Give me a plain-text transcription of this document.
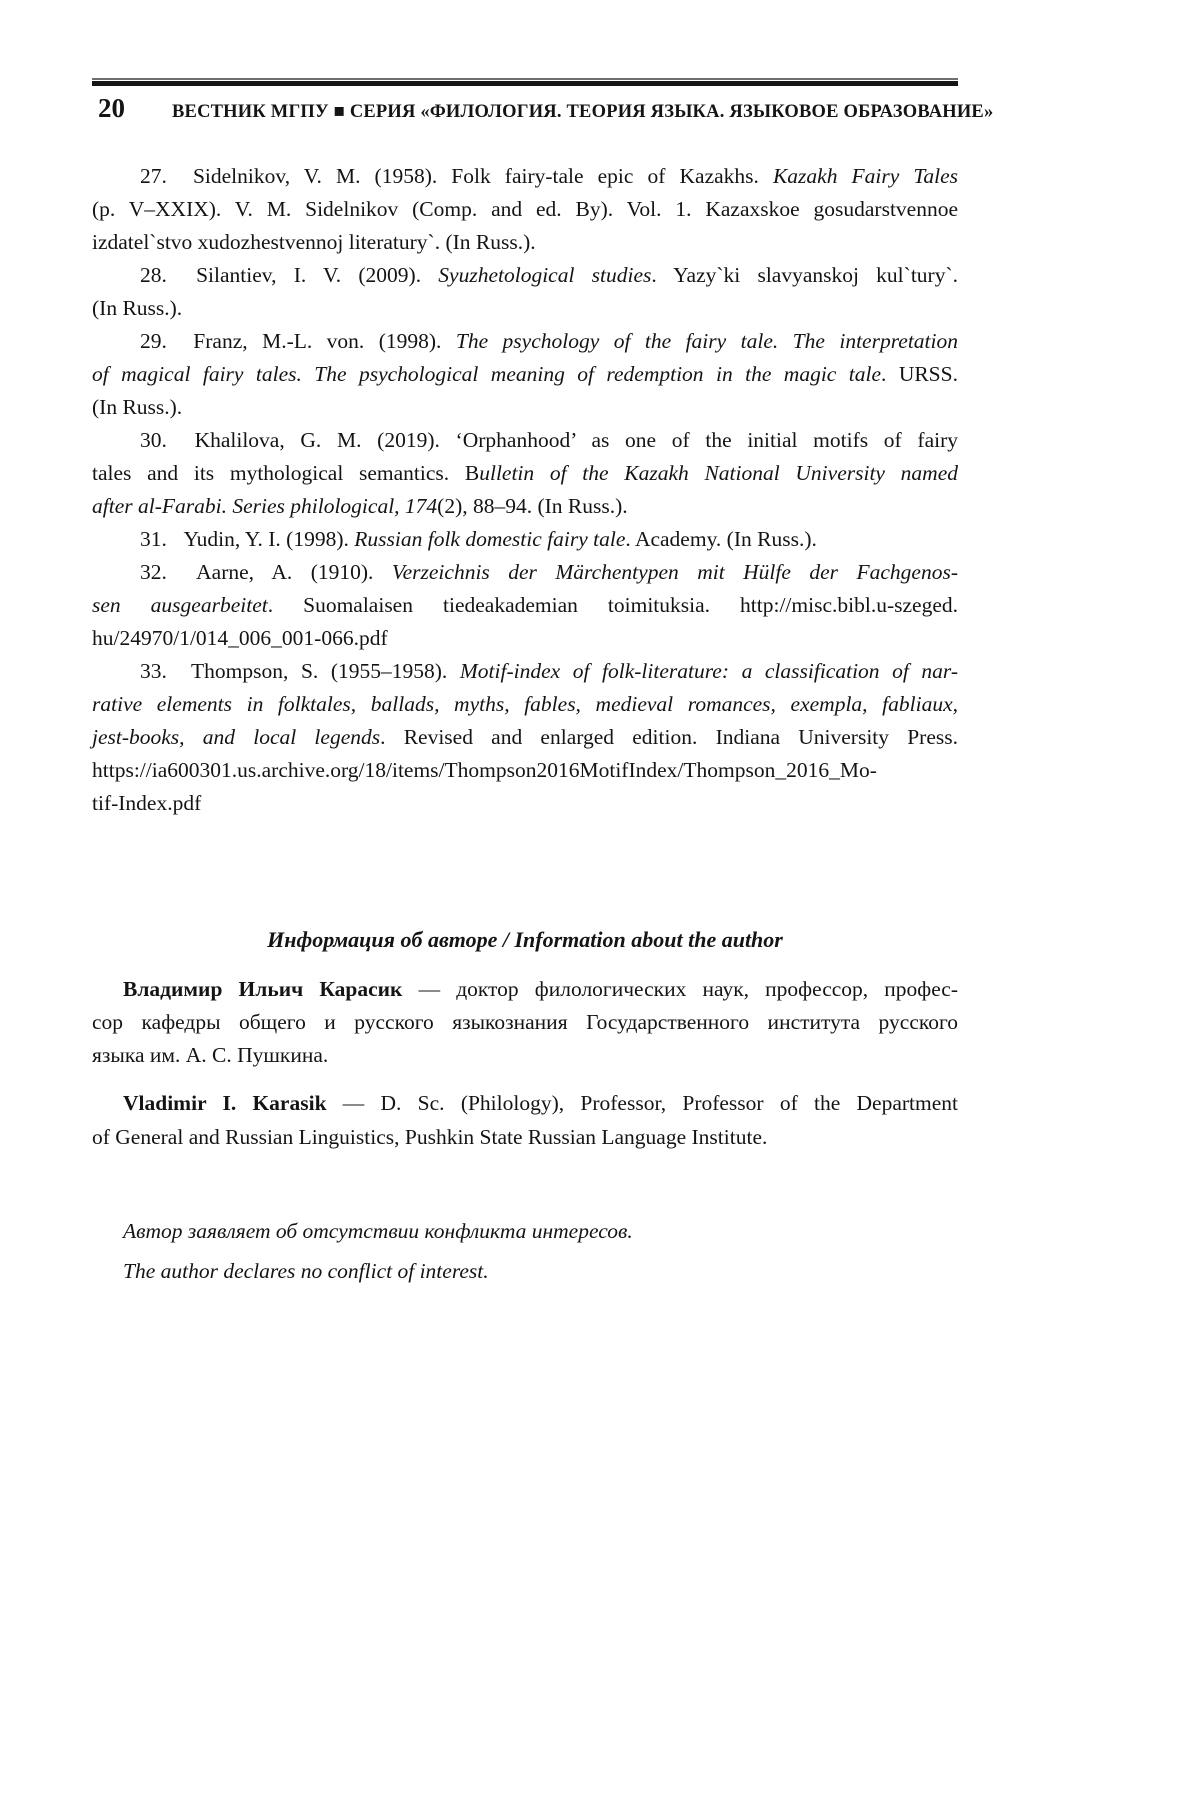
20	ВЕСТНИК МГПУ ■ СЕРИЯ «ФИЛОЛОГИЯ. ТЕОРИЯ ЯЗЫКА. ЯЗЫКОВОЕ ОБРАЗОВАНИЕ»
27. Sidelnikov, V. M. (1958). Folk fairy-tale epic of Kazakhs. Kazakh Fairy Tales
(p. V–XXIX). V. M. Sidelnikov (Comp. and ed. By). Vol. 1. Kazaxskoe gosudarstvennoe
izdatel`stvo xudozhestvennoj literatury`. (In Russ.).
28. Silantiev, I. V. (2009). Syuzhetological studies. Yazy`ki slavyanskoj kul`tury`.
(In Russ.).
29. Franz, M.-L. von. (1998). The psychology of the fairy tale. The interpretation
of magical fairy tales. The psychological meaning of redemption in the magic tale. URSS.
(In Russ.).
30. Khalilova, G. M. (2019). ‘Orphanhood’ as one of the initial motifs of fairy
tales and its mythological semantics. Bulletin of the Kazakh National University named
after al-Farabi. Series philological, 174(2), 88–94. (In Russ.).
31. Yudin, Y. I. (1998). Russian folk domestic fairy tale. Academy. (In Russ.).
32. Aarne, A. (1910). Verzeichnis der Märchentypen mit Hülfe der Fachgenos-
sen ausgearbeitet. Suomalaisen tiedeakademian toimituksia. http://misc.bibl.u-szeged.
hu/24970/1/014_006_001-066.pdf
33. Thompson, S. (1955–1958). Motif-index of folk-literature: a classification of nar-
rative elements in folktales, ballads, myths, fables, medieval romances, exempla, fabliaux,
jest-books, and local legends. Revised and enlarged edition. Indiana University Press.
https://ia600301.us.archive.org/18/items/Thompson2016MotifIndex/Thompson_2016_Mo-
tif-Index.pdf
Информация об авторе / Information about the author
Владимир Ильич Карасик — доктор филологических наук, профессор, профес-
сор кафедры общего и русского языкознания Государственного института русского
языка им. А. С. Пушкина.
Vladimir I. Karasik — D. Sc. (Philology), Professor, Professor of the Department
of General and Russian Linguistics, Pushkin State Russian Language Institute.
Автор заявляет об отсутствии конфликта интересов.
The author declares no conflict of interest.
